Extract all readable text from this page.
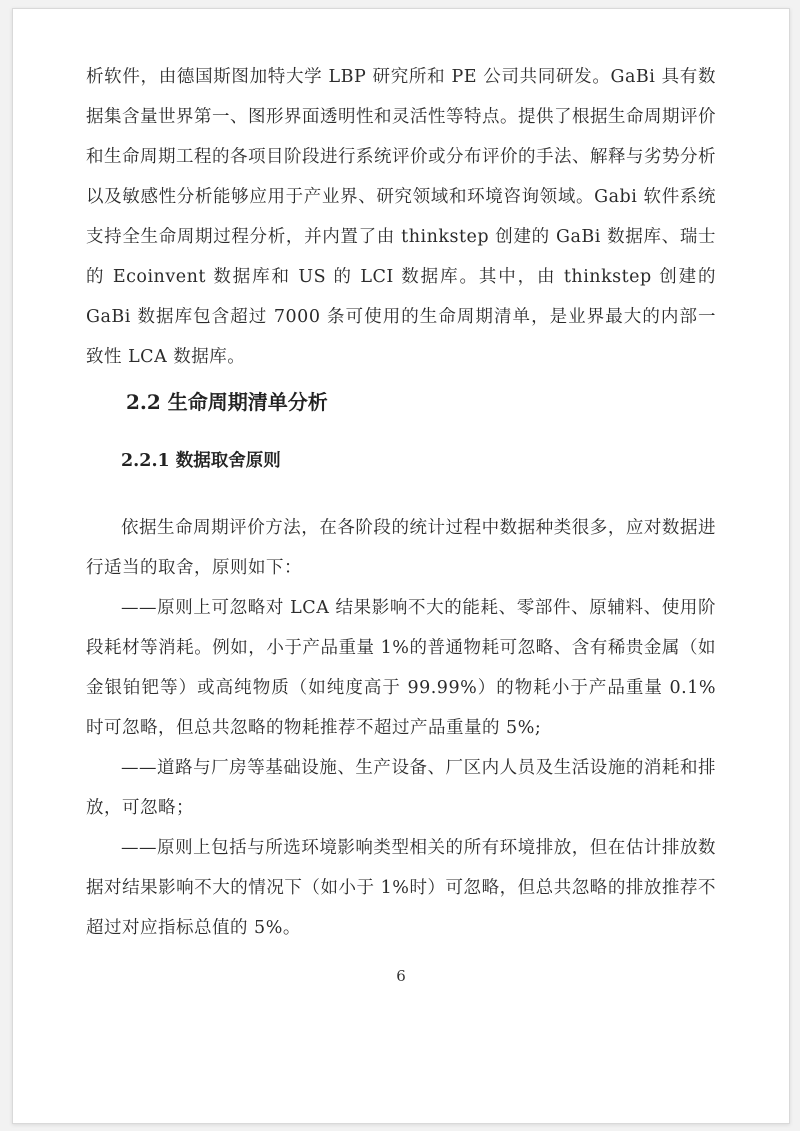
析软件，由德国斯图加特大学 LBP 研究所和 PE 公司共同研发。GaBi 具有数据集含量世界第一、图形界面透明性和灵活性等特点。提供了根据生命周期评价和生命周期工程的各项目阶段进行系统评价或分布评价的手法、解释与劣势分析以及敏感性分析能够应用于产业界、研究领域和环境咨询领域。Gabi 软件系统支持全生命周期过程分析，并内置了由 thinkstep 创建的 GaBi 数据库、瑞士的 Ecoinvent 数据库和 US 的 LCI 数据库。其中，由 thinkstep 创建的 GaBi 数据库包含超过 7000 条可使用的生命周期清单，是业界最大的内部一致性 LCA 数据库。

2.2 生命周期清单分析
2.2.1 数据取舍原则

依据生命周期评价方法，在各阶段的统计过程中数据种类很多，应对数据进行适当的取舍，原则如下：

——原则上可忽略对 LCA 结果影响不大的能耗、零部件、原辅料、使用阶段耗材等消耗。例如，小于产品重量 1%的普通物耗可忽略、含有稀贵金属（如金银铂钯等）或高纯物质（如纯度高于 99.99%）的物耗小于产品重量 0.1%时可忽略，但总共忽略的物耗推荐不超过产品重量的 5%;

——道路与厂房等基础设施、生产设备、厂区内人员及生活设施的消耗和排放，可忽略；

——原则上包括与所选环境影响类型相关的所有环境排放，但在估计排放数据对结果影响不大的情况下（如小于 1%时）可忽略，但总共忽略的排放推荐不超过对应指标总值的 5%。

6
